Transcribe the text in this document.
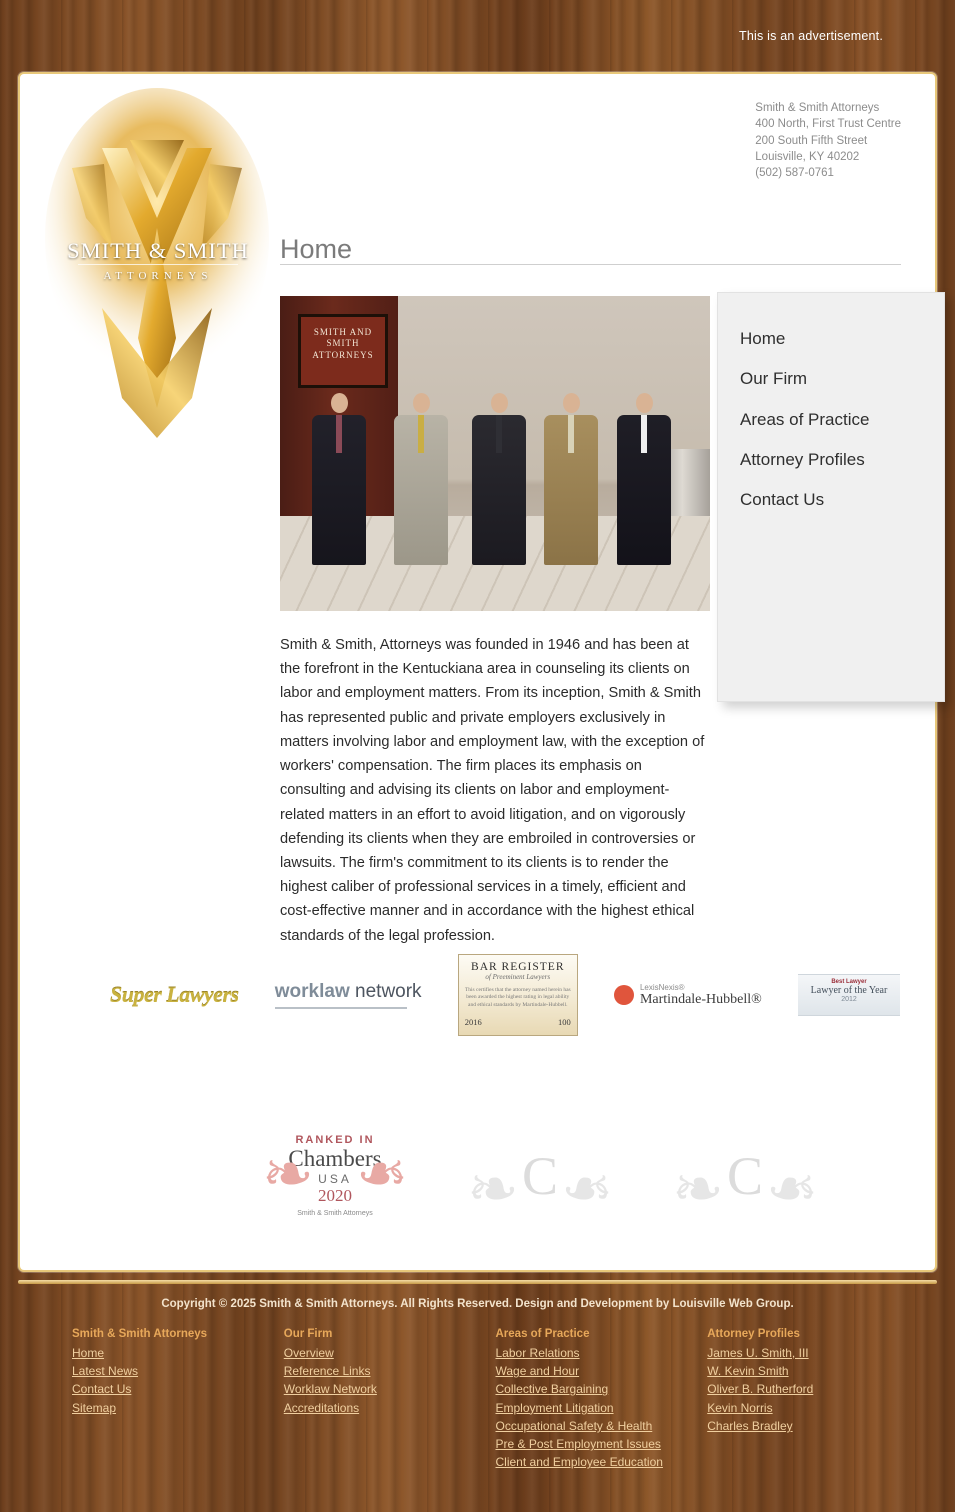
This is an advertisement.
SMITH & SMITH
ATTORNEYS
Smith & Smith Attorneys
400 North, First Trust Centre
200 South Fifth Street
Louisville, KY 40202
(502) 587-0761
Home
SMITH AND SMITH ATTORNEYS

Smith & Smith, Attorneys was founded in 1946 and has been at the forefront in the Kentuckiana area in counseling its clients on labor and employment matters. From its inception, Smith & Smith has represented public and private employers exclusively in matters involving labor and employment law, with the exception of workers' compensation. The firm places its emphasis on consulting and advising its clients on labor and employment-related matters in an effort to avoid litigation, and on vigorously defending its clients when they are embroiled in controversies or lawsuits. The firm's commitment to its clients is to render the highest caliber of professional services in a timely, efficient and cost-effective manner and in accordance with the highest ethical standards of the legal profession.

Home
Our Firm
Areas of Practice
Attorney Profiles
Contact Us
Super Lawyers worklaw network
BAR REGISTER
of Preeminent Lawyers
This certifies that the attorney named herein has been awarded the highest rating in legal ability and ethical standards by Martindale-Hubbell.
2016	100
LexisNexis®
Martindale-Hubbell®
Best Lawyer
Lawyer of the Year
2012
❧ ❧
RANKED IN
Chambers
USA
2020
Smith & Smith Attorneys	❧ ❧
C	❧ ❧
C
Copyright © 2025 Smith & Smith Attorneys. All Rights Reserved. Design and Development by Louisville Web Group.
Smith & Smith Attorneys
Home
Latest News
Contact Us
Sitemap
Our Firm
Overview
Reference Links
Worklaw Network
Accreditations
Areas of Practice
Labor Relations
Wage and Hour
Collective Bargaining
Employment Litigation
Occupational Safety & Health
Pre & Post Employment Issues
Client and Employee Education
Attorney Profiles
James U. Smith, III
W. Kevin Smith
Oliver B. Rutherford
Kevin Norris
Charles Bradley
